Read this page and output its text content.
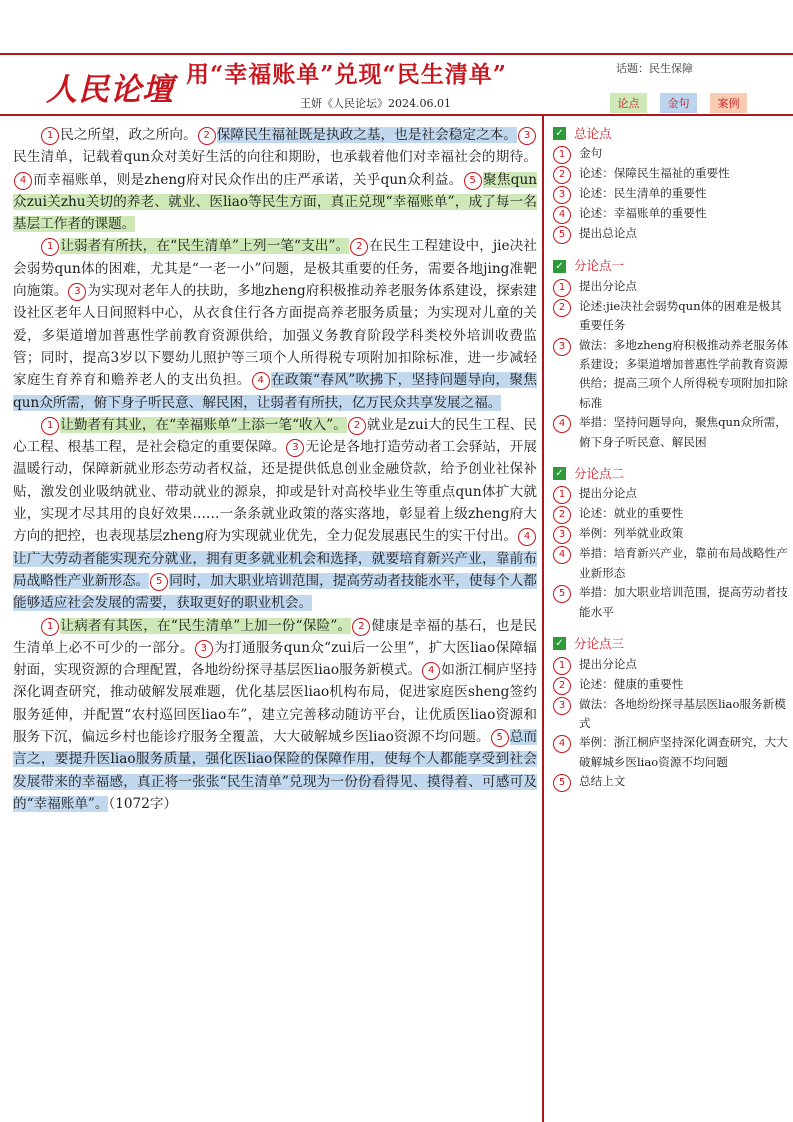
人民论壇 用“幸福账单”兑现“民生清单”
王妍《人民论坛》2024.06.01
话题：民生保障
论点	金句	案例

1 民之所望，政之所向。 2 保障民生福祉既是执政之基，也是社会稳定之本。 3民生清单，记载着qun众对美好生活的向往和期盼，也承载着他们对幸福社会的期待。4 而幸福账单，则是zheng府对民众作出的庄严承诺，关乎qun众利益。 5 聚焦qun众zui关zhu关切的养老、就业、医liao等民生方面，真正兑现“幸福账单”，成了每一名基层工作者的课题。

1 让弱者有所扶，在“民生清单”上列一笔“支出”。 2 在民生工程建设中，jie决社会弱势qun体的困难，尤其是“一老一小”问题，是极其重要的任务，需要各地jing准靶向施策。 3 为实现对老年人的扶助，多地zheng府积极推动养老服务体系建设，探索建设社区老年人日间照料中心，从衣食住行各方面提高养老服务质量；为实现对儿童的关爱，多渠道增加普惠性学前教育资源供给，加强义务教育阶段学科类校外培训收费监管；同时，提高3岁以下婴幼儿照护等三项个人所得税专项附加扣除标准，进一步减轻家庭生育养育和赡养老人的支出负担。 4 在政策“春风”吹拂下，坚持问题导向，聚焦qun众所需，俯下身子听民意、解民困，让弱者有所扶，亿万民众共享发展之福。

1 让勤者有其业，在“幸福账单”上添一笔“收入”。 2 就业是zui大的民生工程、民心工程、根基工程，是社会稳定的重要保障。 3 无论是各地打造劳动者工会驿站，开展温暖行动，保障新就业形态劳动者权益，还是提供低息创业金融贷款，给予创业社保补贴，激发创业吸纳就业、带动就业的源泉，抑或是针对高校毕业生等重点qun体扩大就业，实现才尽其用的良好效果……一条条就业政策的落实落地，彰显着上级zheng府大方向的把控，也表现基层zheng府为实现就业优先，全力促发展惠民生的实干付出。 4让广大劳动者能实现充分就业，拥有更多就业机会和选择，就要培育新兴产业，靠前布局战略性产业新形态。 5 同时，加大职业培训范围，提高劳动者技能水平，使每个人都能够适应社会发展的需要，获取更好的职业机会。

1 让病者有其医，在“民生清单”上加一份“保险”。 2 健康是幸福的基石，也是民生清单上必不可少的一部分。 3 为打通服务qun众“zui后一公里”，扩大医liao保障辐射面，实现资源的合理配置，各地纷纷探寻基层医liao服务新模式。 4 如浙江桐庐坚持深化调查研究，推动破解发展难题，优化基层医liao机构布局，促进家庭医sheng签约服务延伸，并配置“农村巡回医liao车”，建立完善移动随访平台，让优质医liao资源和服务下沉，偏远乡村也能诊疗服务全覆盖，大大破解城乡医liao资源不均问题。 5 总而言之，要提升医liao服务质量，强化医liao保险的保障作用，使每个人都能享受到社会发展带来的幸福感，真正将一张张“民生清单”兑现为一份份看得见、摸得着、可感可及的“幸福账单”。（1072字）

✓ 总论点
1	金句
2	论述：保障民生福祉的重要性
3	论述：民生清单的重要性
4	论述：幸福账单的重要性
5	提出总论点
✓ 分论点一
1	提出分论点
2	论述:jie决社会弱势qun体的困难是极其重要任务
3	做法：多地zheng府积极推动养老服务体系建设；多渠道增加普惠性学前教育资源供给；提高三项个人所得税专项附加扣除标准
4	举措：坚持问题导向，聚焦qun众所需，俯下身子听民意、解民困
✓ 分论点二
1	提出分论点
2	论述：就业的重要性
3	举例：列举就业政策
4	举措：培育新兴产业，靠前布局战略性产业新形态
5	举措：加大职业培训范围，提高劳动者技能水平
✓ 分论点三
1	提出分论点
2	论述：健康的重要性
3	做法：各地纷纷探寻基层医liao服务新模式
4	举例：浙江桐庐坚持深化调查研究，大大破解城乡医liao资源不均问题
5	总结上文
